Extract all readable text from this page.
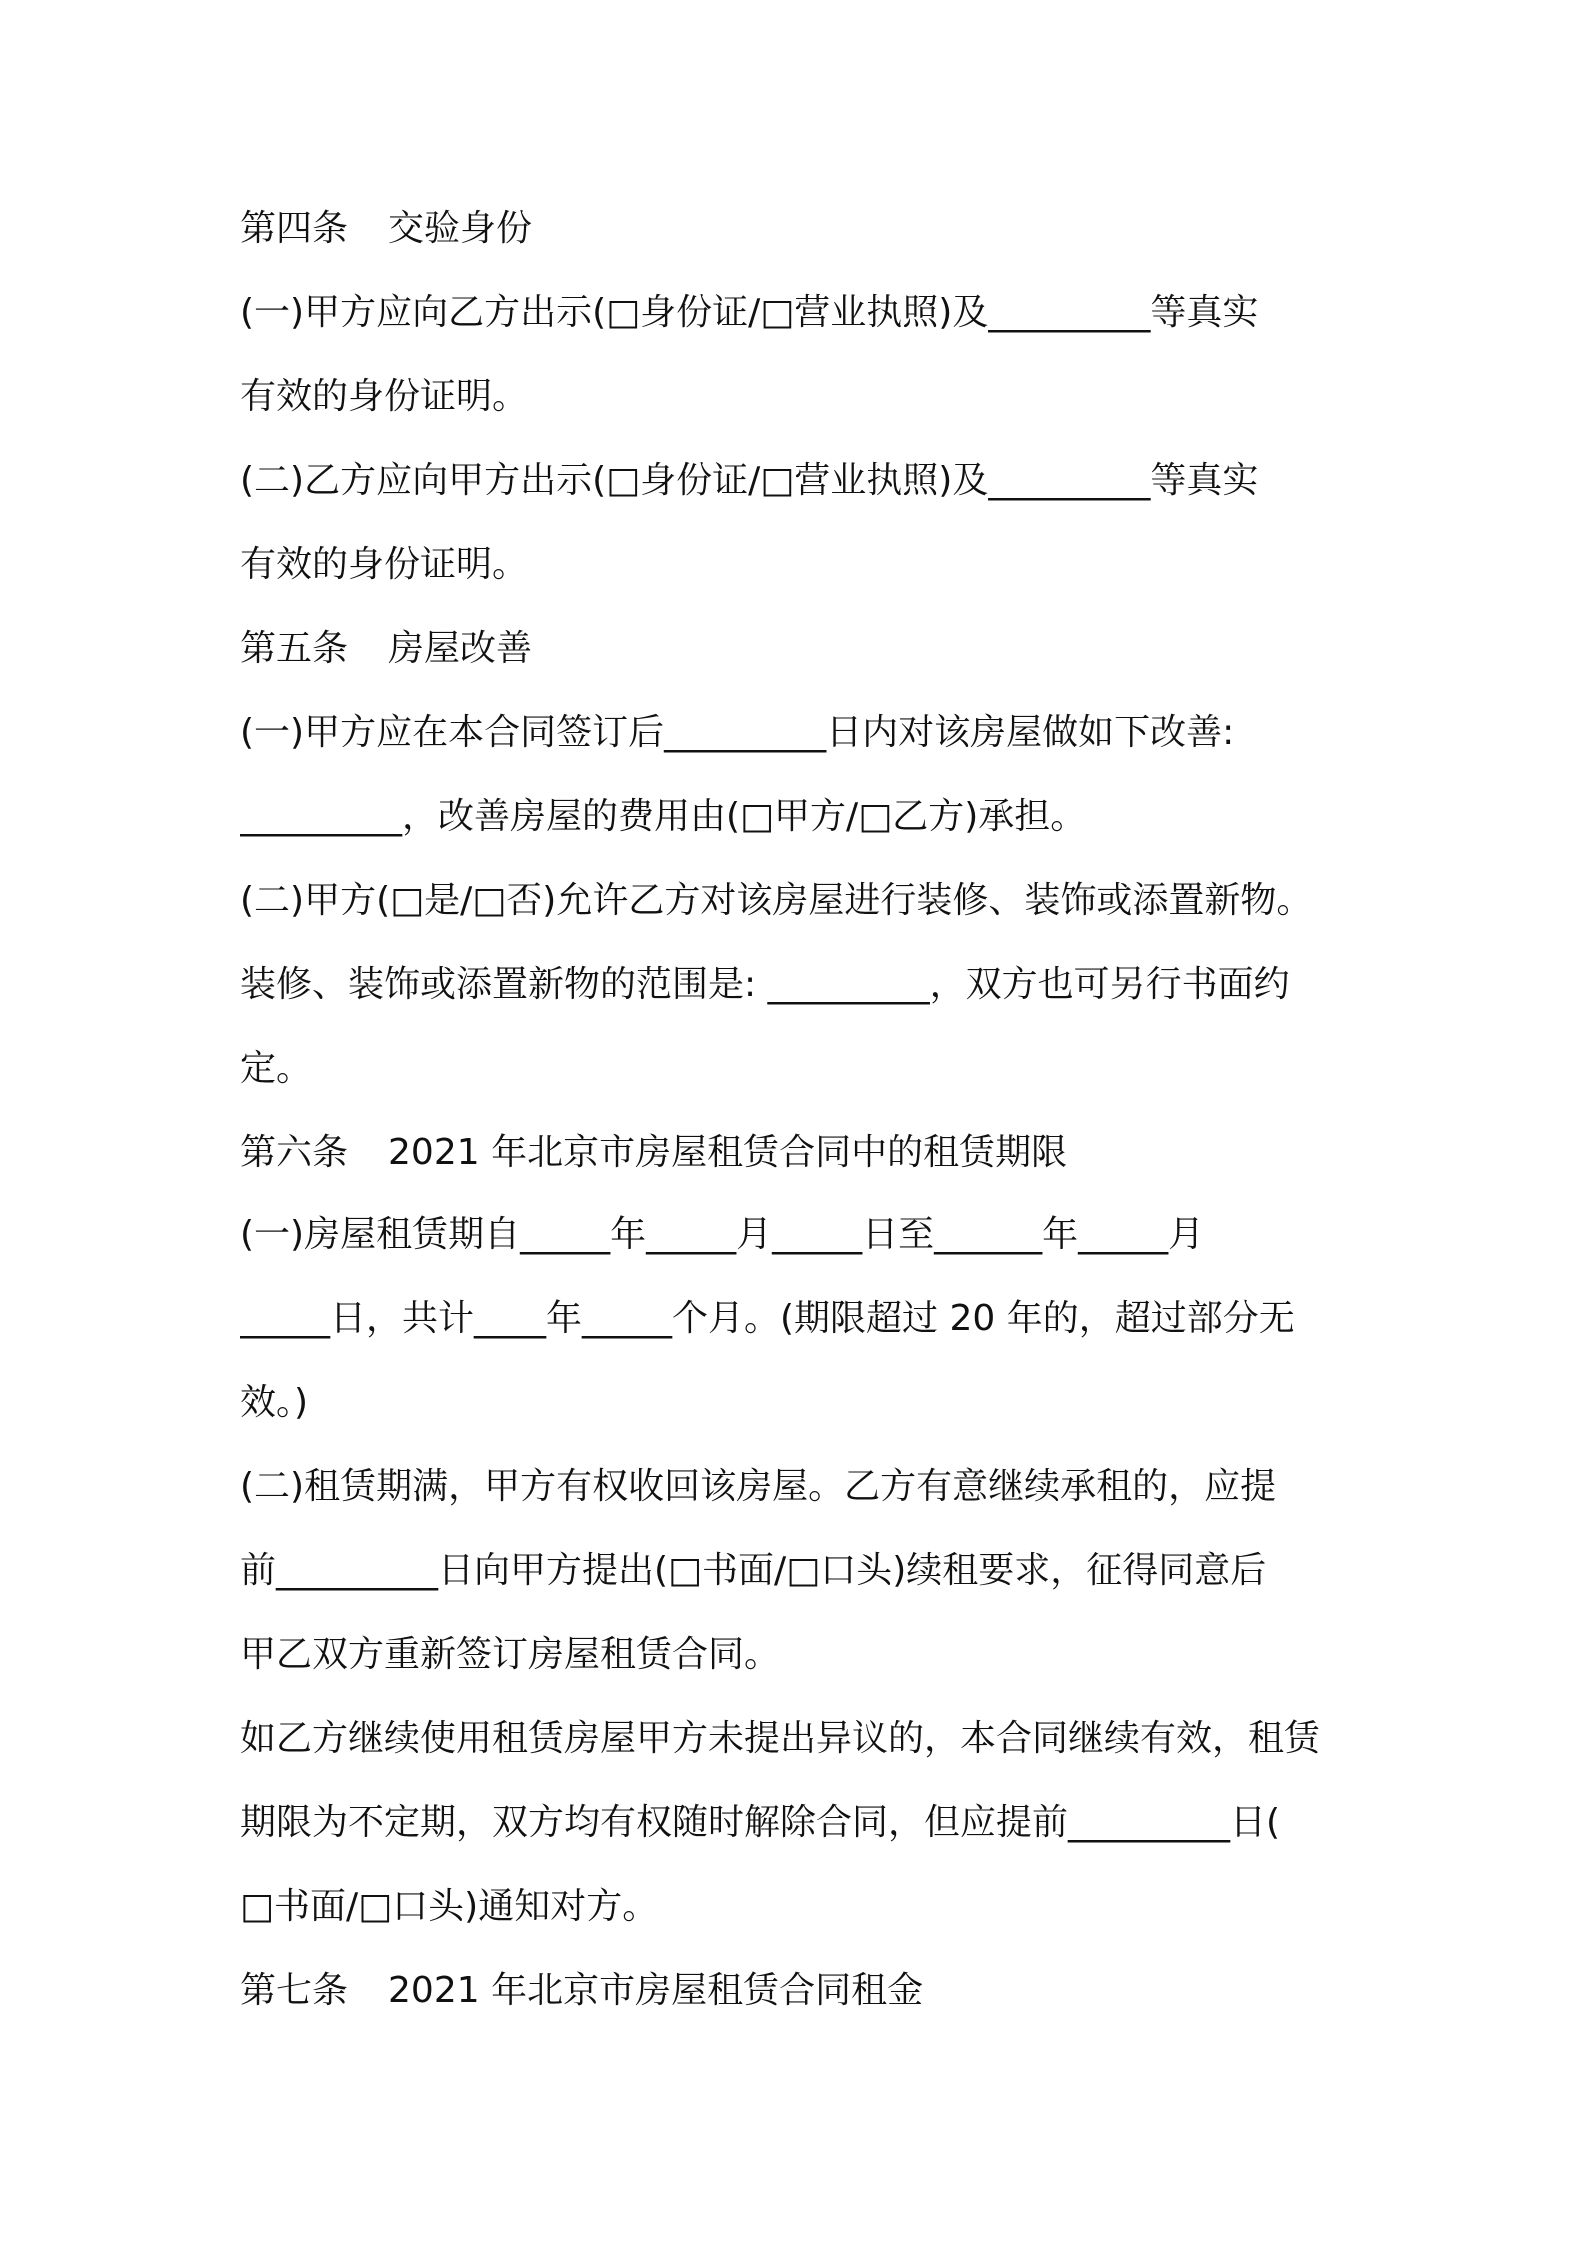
第四条 交验身份
(一)甲方应向乙方出示(□身份证/□营业执照)及_________等真实
有效的身份证明。
(二)乙方应向甲方出示(□身份证/□营业执照)及_________等真实
有效的身份证明。
第五条 房屋改善
(一)甲方应在本合同签订后_________日内对该房屋做如下改善:
_________，改善房屋的费用由(□甲方/□乙方)承担。
(二)甲方(□是/□否)允许乙方对该房屋进行装修、装饰或添置新物。
装修、装饰或添置新物的范围是: _________，双方也可另行书面约
定。
第六条 2021 年北京市房屋租赁合同中的租赁期限
(一)房屋租赁期自_____年_____月_____日至______年_____月
_____日，共计____年_____个月。(期限超过 20 年的，超过部分无
效。)
(二)租赁期满，甲方有权收回该房屋。乙方有意继续承租的，应提
前_________日向甲方提出(□书面/□口头)续租要求，征得同意后
甲乙双方重新签订房屋租赁合同。
如乙方继续使用租赁房屋甲方未提出异议的，本合同继续有效，租赁
期限为不定期，双方均有权随时解除合同，但应提前_________日(
□书面/□口头)通知对方。
第七条 2021 年北京市房屋租赁合同租金
